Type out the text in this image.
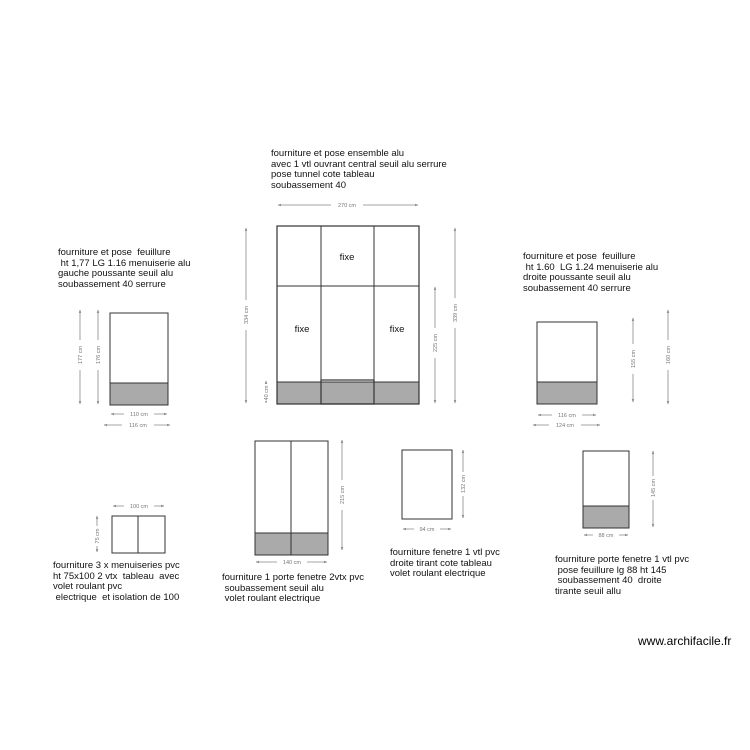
fixe
fixe	fixe
270 cm
334 cm
40 cm
225 cm
339 cm
177 cm 176 cm
110 cm
116 cm
155 cm	160 cm
116 cm
124 cm
100 cm
75 cm
215 cm
140 cm
132 cm
94 cm
145 cm
88 cm
fourniture et pose ensemble alu
avec 1 vtl ouvrant central seuil alu serrure
pose tunnel cote tableau
soubassement 40
fourniture et pose  feuillure
ht 1,77 LG 1.16 menuiserie alu
gauche poussante seuil alu
soubassement 40 serrure
fourniture et pose  feuillure
ht 1.60  LG 1.24 menuiserie alu
droite poussante seuil alu
soubassement 40 serrure
fourniture 3 x menuiseries pvc
ht 75x100 2 vtx  tableau  avec
volet roulant pvc
electrique  et isolation de 100
fourniture 1 porte fenetre 2vtx pvc
soubassement seuil alu
volet roulant electrique
fourniture fenetre 1 vtl pvc
droite tirant cote tableau
volet roulant electrique
fourniture porte fenetre 1 vtl pvc
pose feuillure lg 88 ht 145
soubassement 40  droite
tirante seuil allu
www.archifacile.fr
